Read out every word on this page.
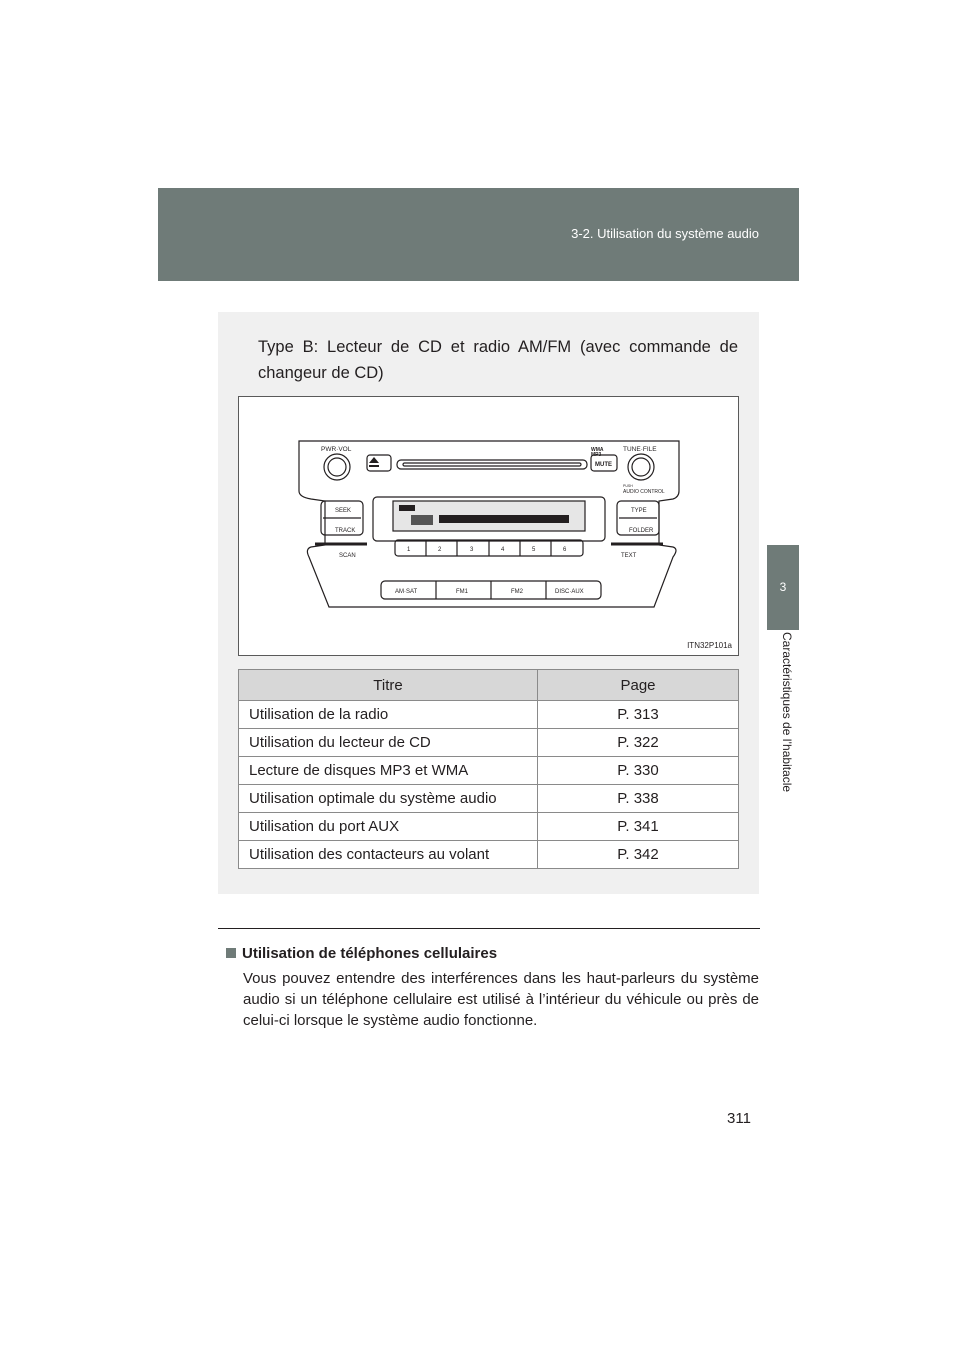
3-2. Utilisation du système audio
3
Caractéristiques de l’habitacle
Type B: Lecteur de CD et radio AM/FM (avec commande de changeur de CD)
PWR·VOL	TUNE·FILE
WMA
MP3
MUTE
PUSH
AUDIO CONTROL
SEEK
TRACK
TYPE
FOLDER
SCAN	TEXT
1	2	3	4	5	6
AM·SAT	FM1	FM2	DISC·AUX
ITN32P101a
Titre	Page
Utilisation de la radio	P. 313
Utilisation du lecteur de CD	P. 322
Lecture de disques MP3 et WMA	P. 330
Utilisation optimale du système audio	P. 338
Utilisation du port AUX	P. 341
Utilisation des contacteurs au volant	P. 342
Utilisation de téléphones cellulaires
Vous pouvez entendre des interférences dans les haut-parleurs du système audio si un téléphone cellulaire est utilisé à l’intérieur du véhicule ou près de celui-ci lorsque le système audio fonctionne.
311
